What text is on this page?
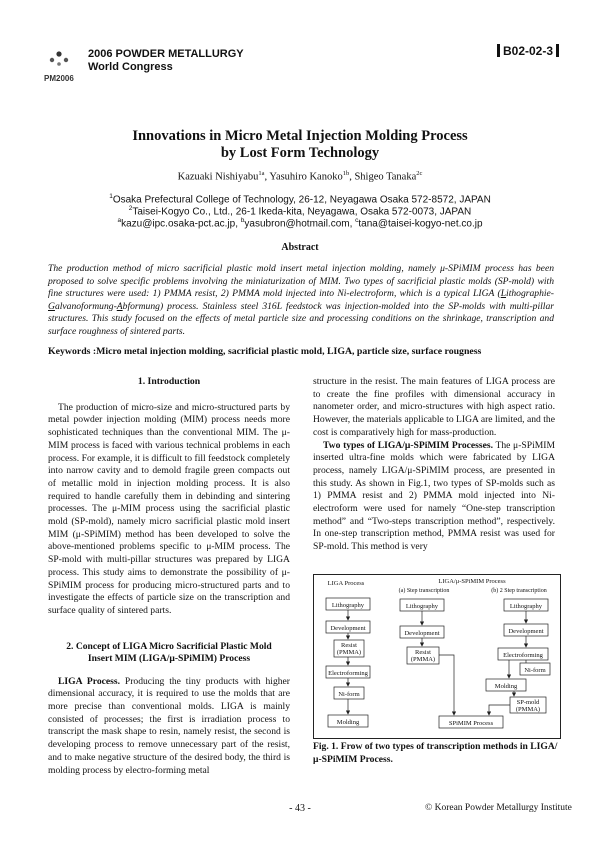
PM2006
2006 POWDER METALLURGY
World Congress
B02-02-3
Innovations in Micro Metal Injection Molding Process
by Lost Form Technology
Kazuaki Nishiyabu$^{1a}$, Yasuhiro Kanoko$^{1b}$, Shigeo Tanaka$^{2c}$
$^1$Osaka Prefectural College of Technology, 26-12, Neyagawa Osaka 572-8572, JAPAN
$^2$Taisei-Kogyo Co., Ltd., 26-1 Ikeda-kita, Neyagawa, Osaka 572-0073, JAPAN
$^a$kazu@ipc.osaka-pct.ac.jp, $^b$yasubron@hotmail.com, $^c$tana@taisei-kogyo-net.co.jp
Abstract
The production method of micro sacrificial plastic mold insert metal injection molding, namely μ-SPiMIM process has been proposed to solve specific problems involving the miniaturization of MIM. Two types of sacrificial plastic molds (SP-mold) with fine structures were used: 1) PMMA resist, 2) PMMA mold injected into Ni-electroform, which is a typical LIGA (Lithographie-Galvanoformung-Abformung) process. Stainless steel 316L feedstock was injection-molded into the SP-molds with multi-pillar structures. This study focused on the effects of metal particle size and processing conditions on the shrinkage, transcription and surface roughness of sintered parts.
Keywords :Micro metal injection molding, sacrificial plastic mold, LIGA, particle size, surface rougness
1. Introduction

The production of micro-size and micro-structured parts by metal powder injection molding (MIM) process needs more sophisticated techniques than the conventional MIM. The μ-MIM process is faced with various technical problems in each process. For example, it is difficult to fill feedstock completely into narrow cavity and to demold fragile green compacts out of metallic mold in injection molding process. It is also required to handle carefully them in debinding and sintering processes. The μ-MIM process using the sacrificial plastic mold (SP-mold), namely micro sacrificial plastic mold insert MIM (μ-SPiMIM) method has been developed to solve the above-mentioned problems specific to μ-MIM process. The SP-mold with multi-pillar structures was prepared by LIGA process. This study aims to demonstrate the possibility of μ-SPiMIM process for producing micro-structured parts and to investigate the effects of particle size on the transcription and surface quality of sintered parts.

2. Concept of LIGA Micro Sacrificial Plastic Mold
Insert MIM (LIGA/μ-SPiMIM) Process

LIGA Process. Producing the tiny products with higher dimensional accuracy, it is required to use the molds that are more precise than conventional molds. LIGA is mainly consisted of processes; the first is irradiation process to transcript the mask shape to resin, namely resist, the second is developing process to remove unnecessary part of the resist, and to make negative structure of the desired body, the third is molding process by electro-forming metal

structure in the resist. The main features of LIGA process are to create the fine profiles with dimensional accuracy in nanometer order, and micro-structures with high aspect ratio. However, the materials applicable to LIGA are limited, and the cost is comparatively high for mass-production.

Two types of LIGA/μ-SPiMIM Processes. The μ-SPiMIM inserted ultra-fine molds which were fabricated by LIGA process, namely LIGA/μ-SPiMIM process, are presented in this study. As shown in Fig.1, two types of SP-molds such as 1) PMMA resist and 2) PMMA mold injected into Ni-electroform were used for namely “One-step transcription method” and “Two-steps transcription method”, respectively. In one-step transcription method, PMMA resist was used for SP-mold. This method is very

LIGA Process
Lithography
Development
Resist
(PMMA)
Electroforming
Ni-form
Molding
LIGA/μ-SPiMIM Process
(a) Step transcription	(b) 2 Step transcription
Lithography
Development
Resist
(PMMA)
Lithography
Development
Electroforming
Ni-form
Molding
SP-mold
(PMMA)
SPiMIM Process
Fig. 1. Frow of two types of transcription methods in LIGA/μ-SPiMIM Process.
- 43 -	© Korean Powder Metallurgy Institute
